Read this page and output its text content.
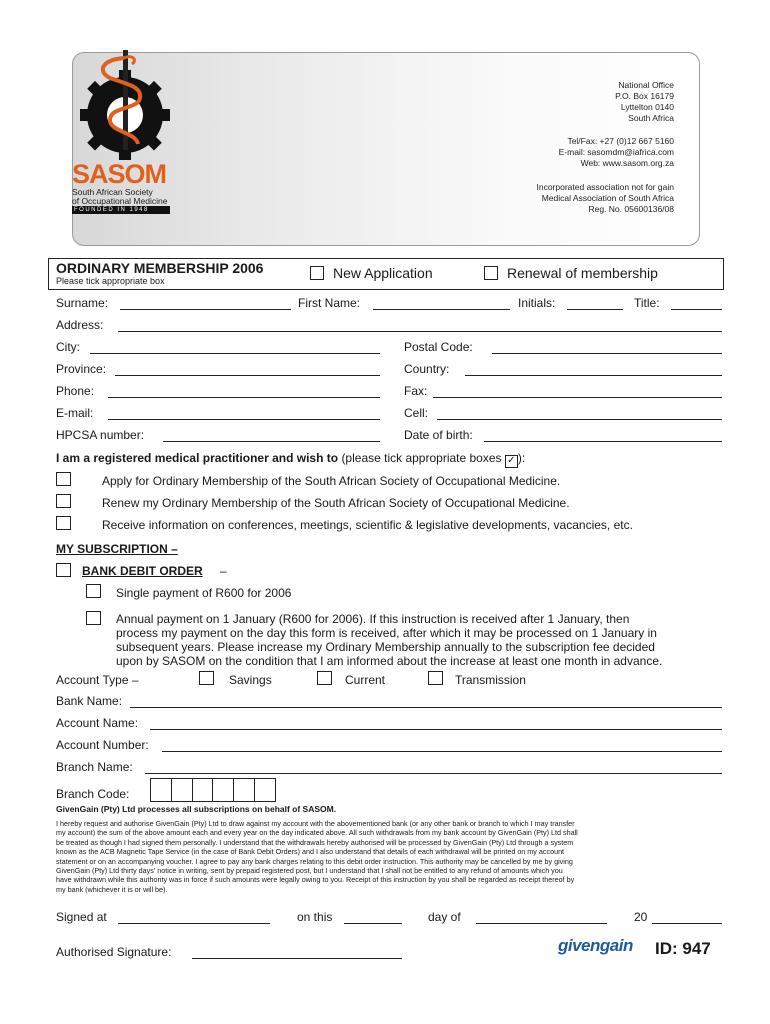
SASOM
South African Society
of Occupational Medicine
FOUNDED IN 1948
National Office
P.O. Box 16179
Lyttelton 0140
South Africa
Tel/Fax: +27 (0)12 667 5160
E-mail: sasomdm@iafrica.com
Web: www.sasom.org.za
Incorporated association not for gain
Medical Association of South Africa
Reg. No. 05600136/08
ORDINARY MEMBERSHIP 2006
Please tick appropriate box	New Application	Renewal of membership
Surname:	First Name:	Initials:	Title:
Address:
City:	Postal Code:
Province:	Country:
Phone:	Fax:
E-mail:	Cell:
HPCSA number:	Date of birth:
I am a registered medical practitioner and wish to (please tick appropriate boxes ✓ ):
Apply for Ordinary Membership of the South African Society of Occupational Medicine.
Renew my Ordinary Membership of the South African Society of Occupational Medicine.
Receive information on conferences, meetings, scientific & legislative developments, vacancies, etc.
MY SUBSCRIPTION –
BANK DEBIT ORDER –
Single payment of R600 for 2006
Annual payment on 1 January (R600 for 2006). If this instruction is received after 1 January, then
process my payment on the day this form is received, after which it may be processed on 1 January in
subsequent years. Please increase my Ordinary Membership annually to the subscription fee decided
upon by SASOM on the condition that I am informed about the increase at least one month in advance.
Account Type –	Savings	Current	Transmission
Bank Name:
Account Name:
Account Number:
Branch Name:
Branch Code:
GivenGain (Pty) Ltd processes all subscriptions on behalf of SASOM.
I hereby request and authorise GivenGain (Pty) Ltd to draw against my account with the abovementioned bank (or any other bank or branch to which I may transfer
my account) the sum of the above amount each and every year on the day indicated above. All such withdrawals from my bank account by GivenGain (Pty) Ltd shall
be treated as though I had signed them personally. I understand that the withdrawals hereby authorised will be processed by GivenGain (Pty) Ltd through a system
known as the ACB Magnetic Tape Service (in the case of Bank Debit Orders) and I also understand that details of each withdrawal will be printed on my account
statement or on an accompanying voucher. I agree to pay any bank charges relating to this debit order instruction. This authority may be cancelled by me by giving
GivenGain (Pty) Ltd thirty days' notice in writing, sent by prepaid registered post, but I understand that I shall not be entitled to any refund of amounts which you
have withdrawn while this authority was in force if such amounts were legally owing to you. Receipt of this instruction by you shall be regarded as receipt thereof by
my bank (whichever it is or will be).
Signed at	on this	day of	20
Authorised Signature:	givengain ID: 947
